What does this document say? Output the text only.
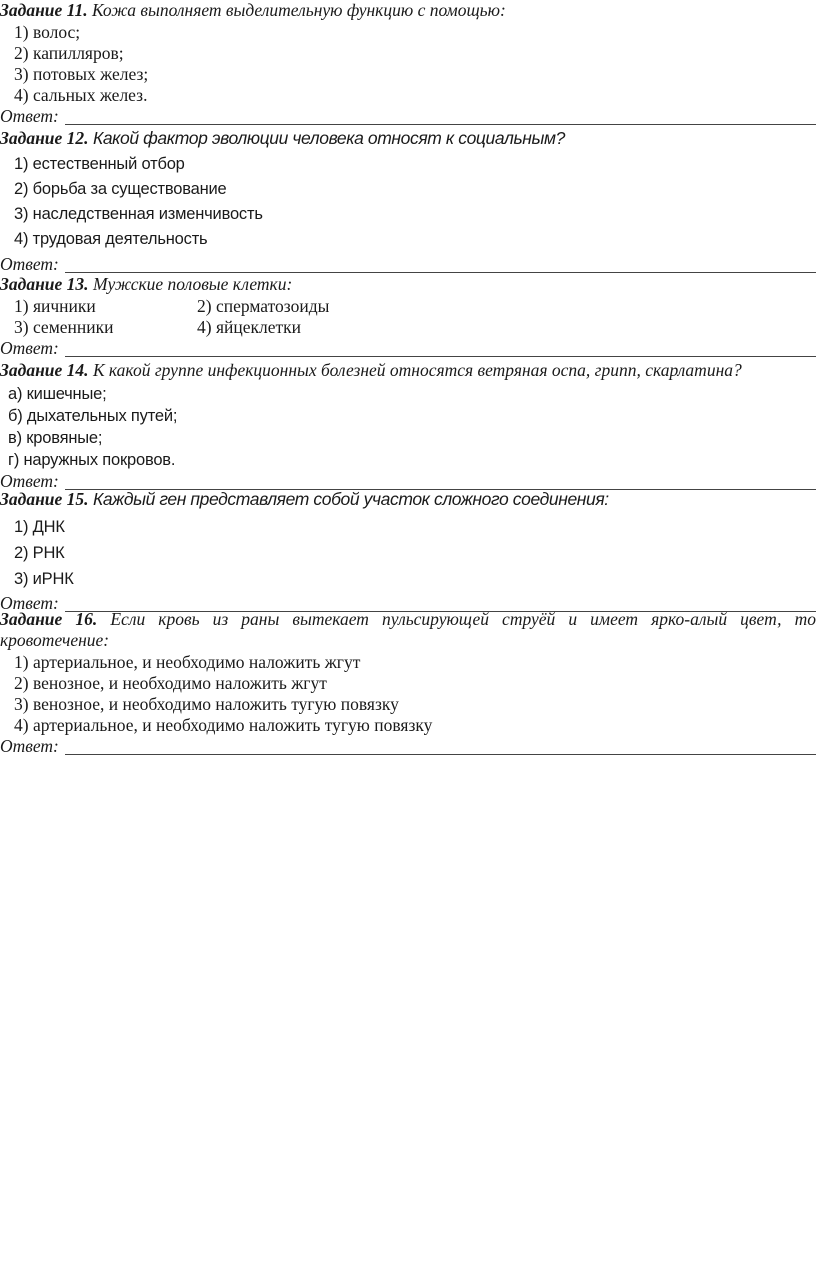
Задание 11. Кожа выполняет выделительную функцию с помощью:
1) волос;
2) капилляров;
3) потовых желез;
4) сальных желез.
Ответ:
Задание 12. Какой фактор эволюции человека относят к социальным?
1) естественный отбор
2) борьба за существование
3) наследственная изменчивость
4) трудовая деятельность
Ответ:
Задание 13. Мужские половые клетки:
1) яичники	2) сперматозоиды
3) семенники	4) яйцеклетки
Ответ:
Задание 14. К какой группе инфекционных болезней относятся ветряная оспа, грипп, скарлатина?
а) кишечные;
б) дыхательных путей;
в) кровяные;
г) наружных покровов.
Ответ:
Задание 15. Каждый ген представляет собой участок сложного соединения:
1) ДНК
2) РНК
3) иРНК
Ответ:
Задание 16. Если кровь из раны вытекает пульсирующей струёй и имеет ярко-алый цвет, то
кровотечение:
1) артериальное, и необходимо наложить жгут
2) венозное, и необходимо наложить жгут
3) венозное, и необходимо наложить тугую повязку
4) артериальное, и необходимо наложить тугую повязку
Ответ:
